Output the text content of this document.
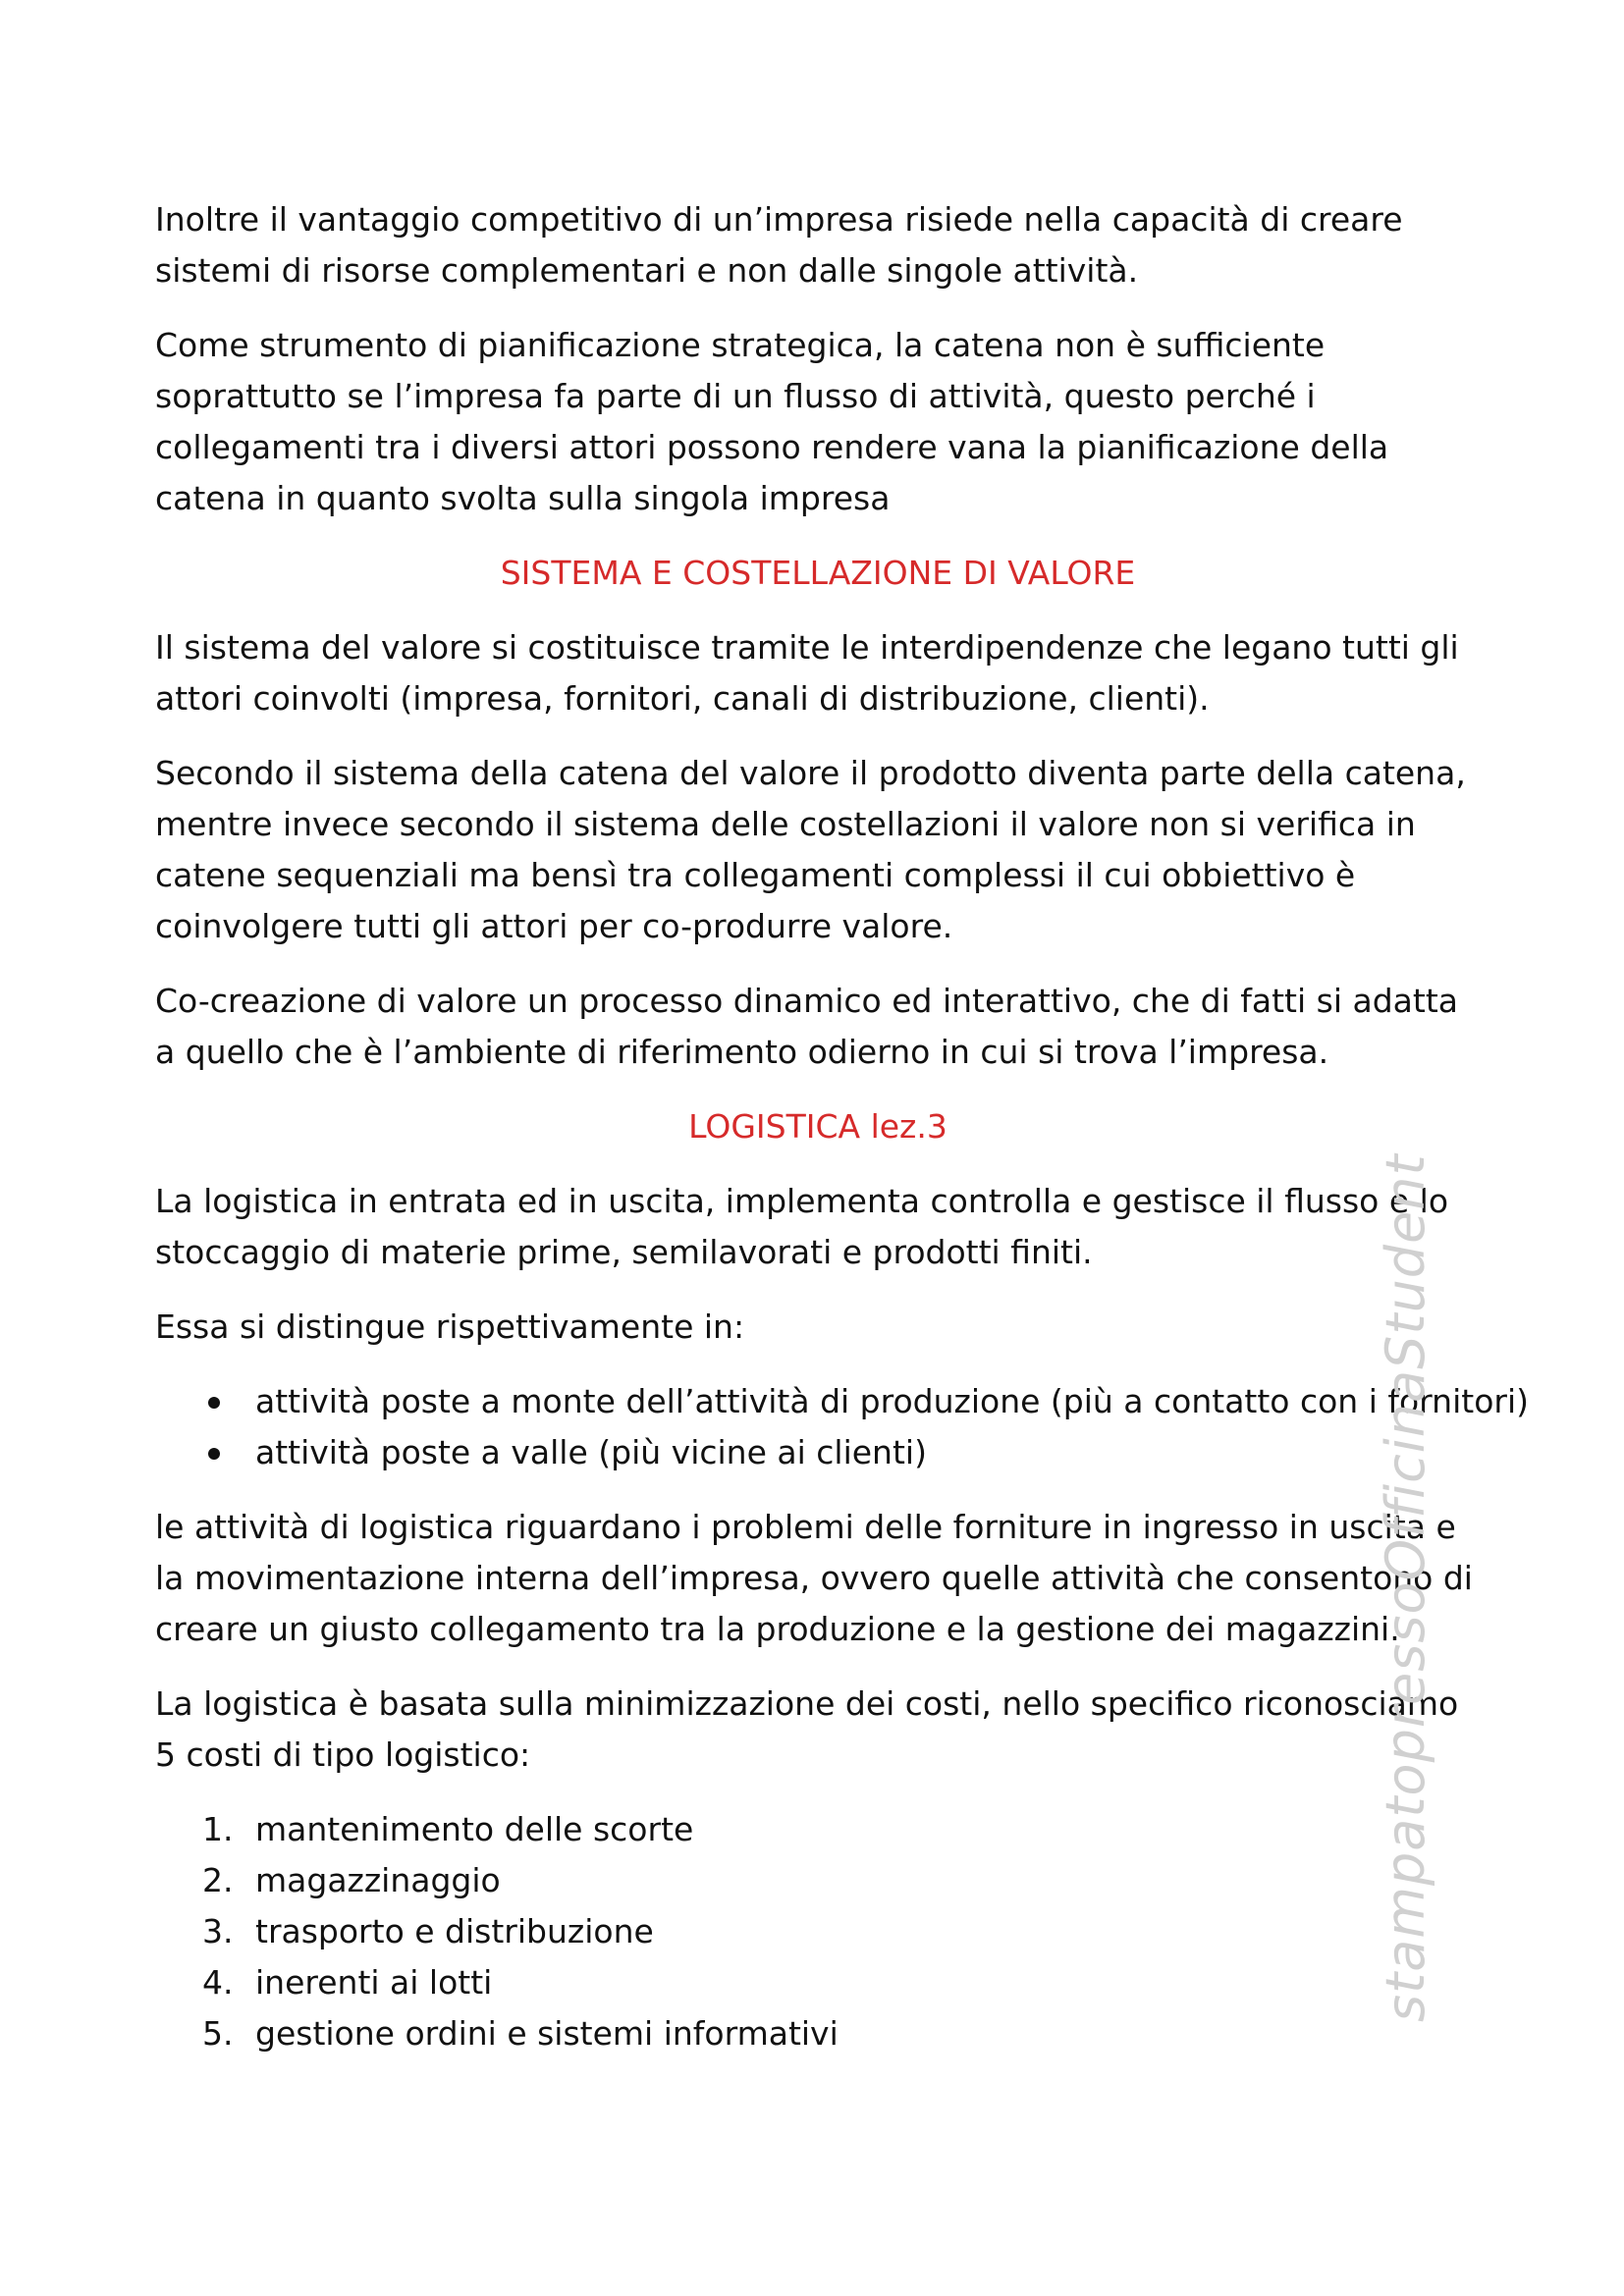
Inoltre il vantaggio competitivo di un’impresa risiede nella capacità di creare sistemi di risorse complementari e non dalle singole attività.

Come strumento di pianificazione strategica, la catena non è sufficiente soprattutto se l’impresa fa parte di un flusso di attività, questo perché i collegamenti tra i diversi attori possono rendere vana la pianificazione della catena in quanto svolta sulla singola impresa

SISTEMA E COSTELLAZIONE DI VALORE

Il sistema del valore si costituisce tramite le interdipendenze che legano tutti gli attori coinvolti (impresa, fornitori, canali di distribuzione, clienti).

Secondo il sistema della catena del valore il prodotto diventa parte della catena, mentre invece secondo il sistema delle costellazioni il valore non si verifica in catene sequenziali ma bensì tra collegamenti complessi il cui obbiettivo è coinvolgere tutti gli attori per co-produrre valore.

Co-creazione di valore un processo dinamico ed interattivo, che di fatti si adatta a quello che è l’ambiente di riferimento odierno in cui si trova l’impresa.

LOGISTICA lez.3

La logistica in entrata ed in uscita, implementa controlla e gestisce il flusso e lo stoccaggio di materie prime, semilavorati e prodotti finiti.

Essa si distingue rispettivamente in:

attività poste a monte dell’attività di produzione (più a contatto con i fornitori)
attività poste a valle (più vicine ai clienti)

le attività di logistica riguardano i problemi delle forniture in ingresso in uscita e la movimentazione interna dell’impresa, ovvero quelle attività che consentono di creare un giusto collegamento tra la produzione e la gestione dei magazzini.

La logistica è basata sulla minimizzazione dei costi, nello specifico riconosciamo 5 costi di tipo logistico:

1. mantenimento delle scorte
2. magazzinaggio
3. trasporto e distribuzione
4. inerenti ai lotti
5. gestione ordini e sistemi informativi
stampatopressoOfficinaStudent
